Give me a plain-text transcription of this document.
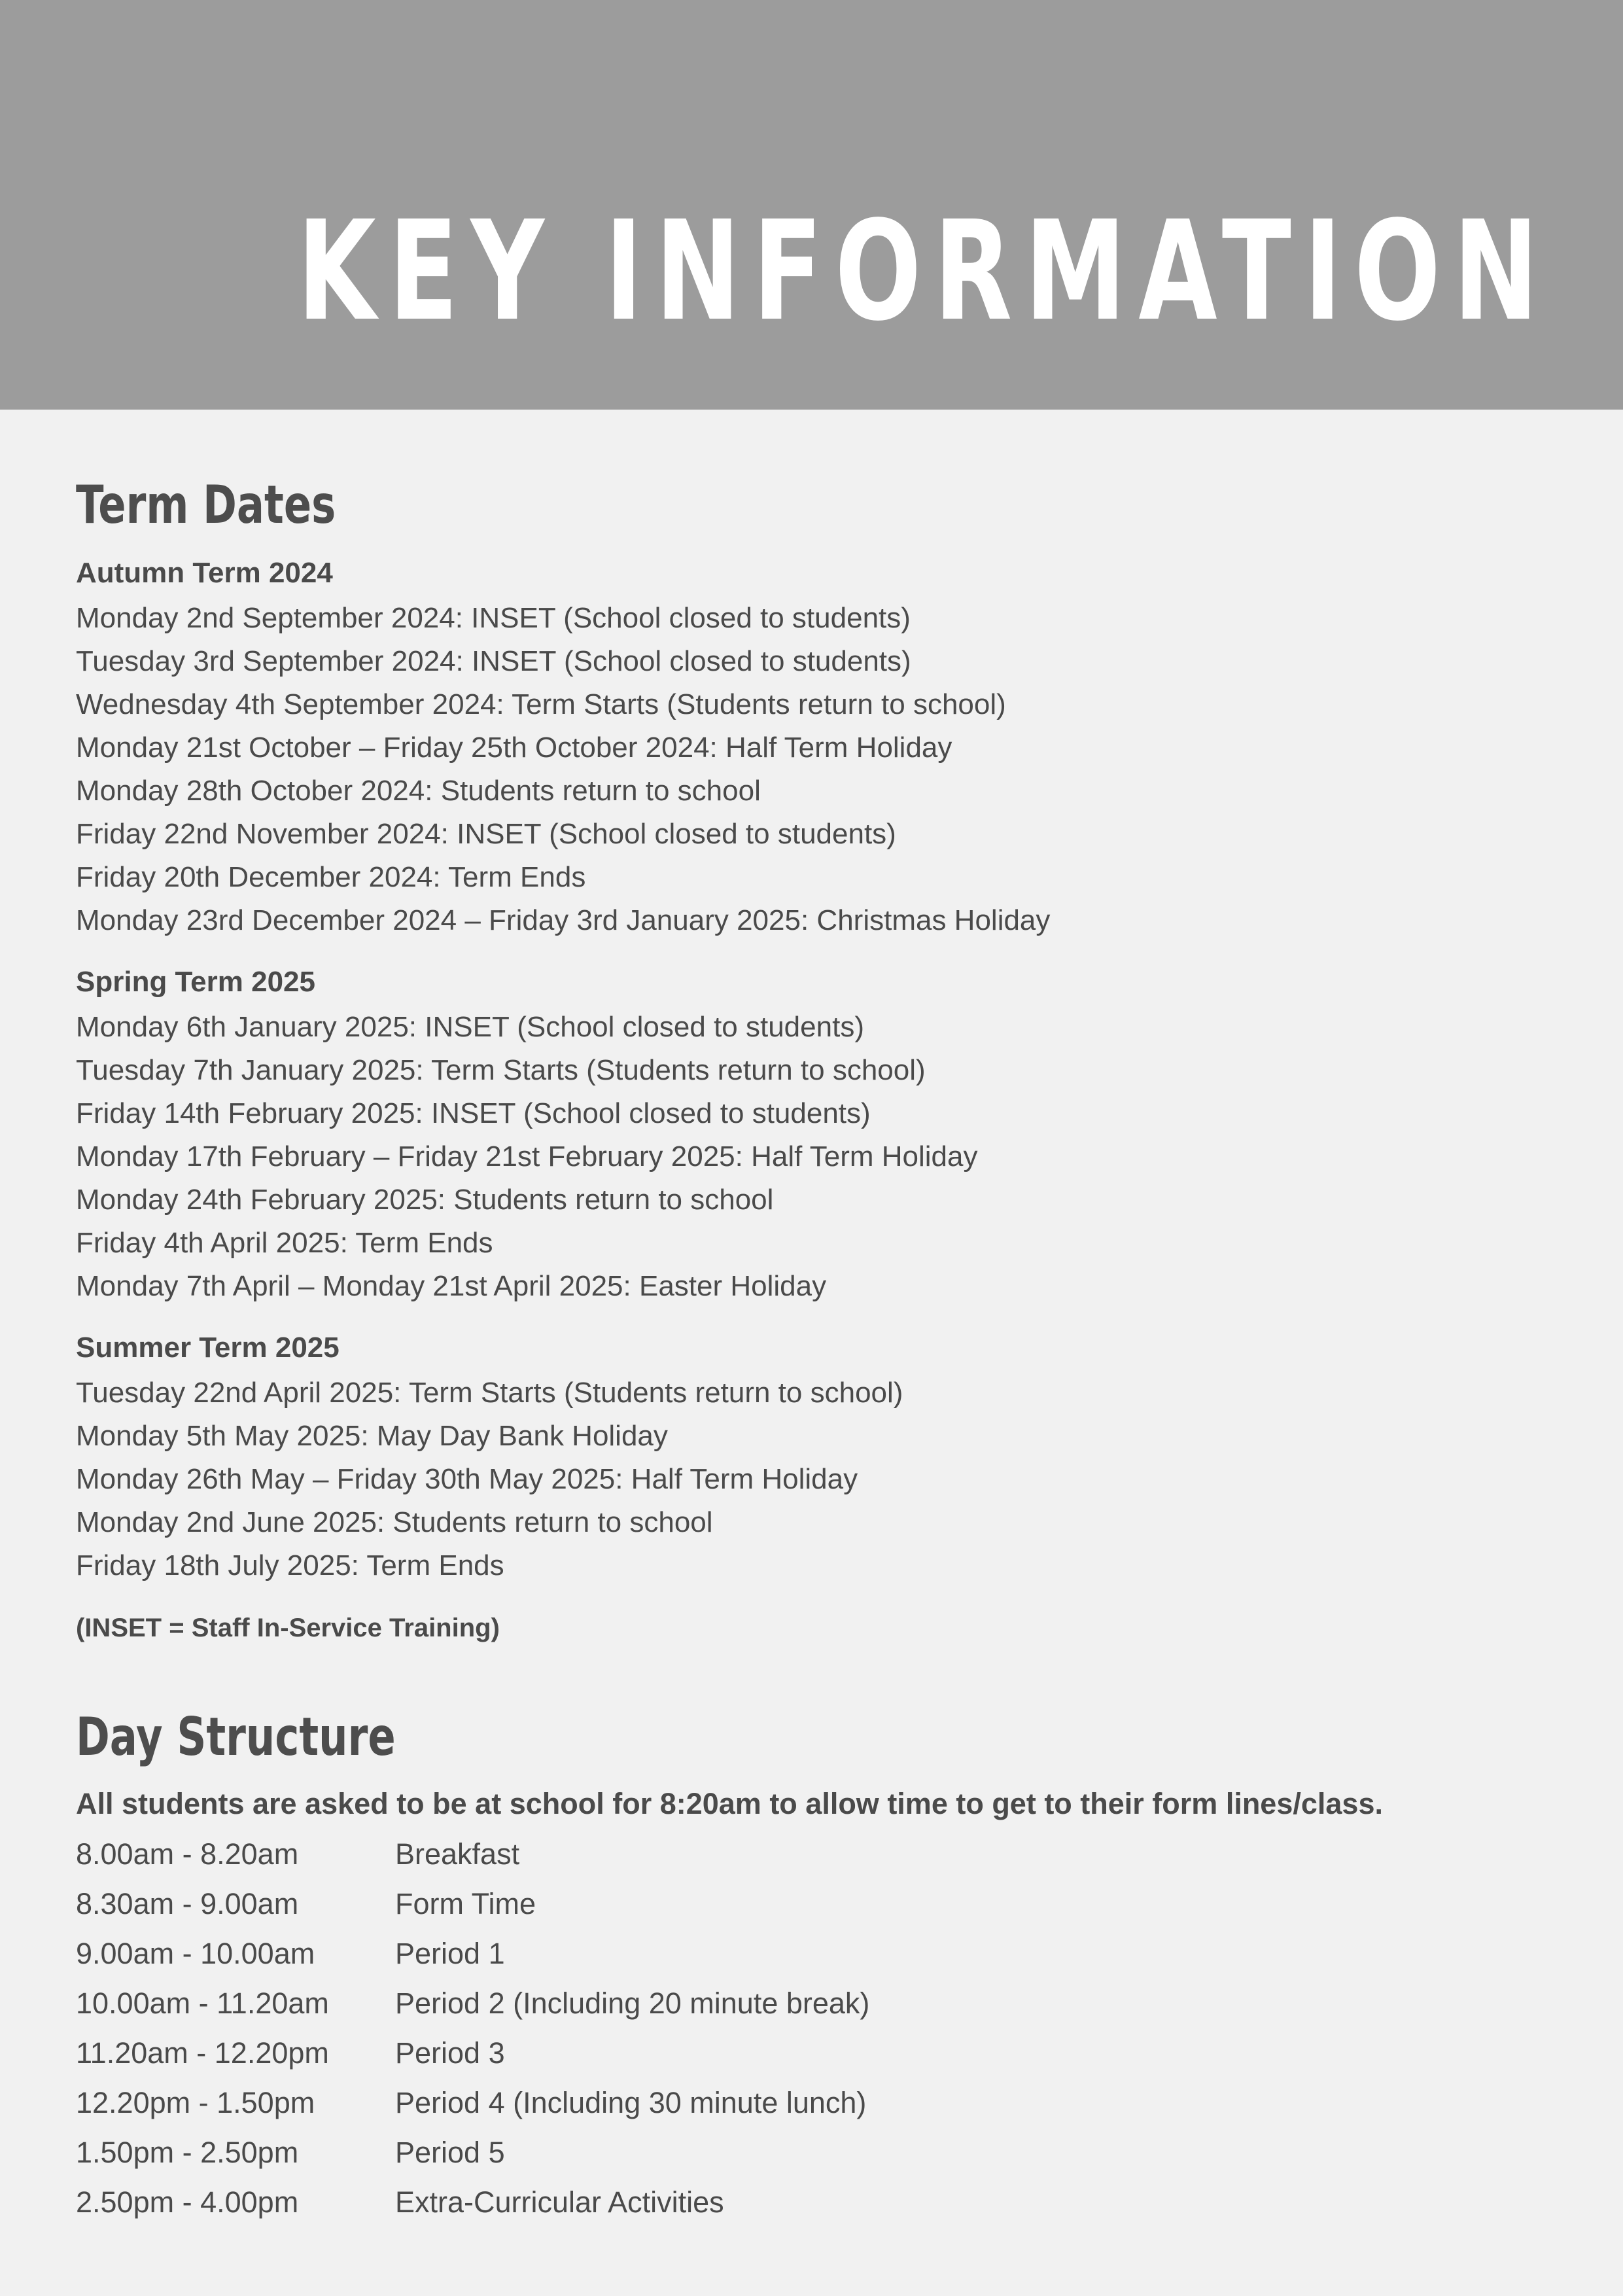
KEY INFORMATION
Term Dates
Autumn Term 2024
Monday 2nd September 2024: INSET (School closed to students)
Tuesday 3rd September 2024: INSET (School closed to students)
Wednesday 4th September 2024: Term Starts (Students return to school)
Monday 21st October – Friday 25th October 2024: Half Term Holiday
Monday 28th October 2024: Students return to school
Friday 22nd November 2024: INSET (School closed to students)
Friday 20th December 2024: Term Ends
Monday 23rd December 2024 – Friday 3rd January 2025: Christmas Holiday
Spring Term 2025
Monday 6th January 2025: INSET (School closed to students)
Tuesday 7th January 2025: Term Starts (Students return to school)
Friday 14th February 2025: INSET (School closed to students)
Monday 17th February – Friday 21st February 2025: Half Term Holiday
Monday 24th February 2025: Students return to school
Friday 4th April 2025: Term Ends
Monday 7th April – Monday 21st April 2025: Easter Holiday
Summer Term 2025
Tuesday 22nd April 2025: Term Starts (Students return to school)
Monday 5th May 2025: May Day Bank Holiday
Monday 26th May – Friday 30th May 2025: Half Term Holiday
Monday 2nd June 2025: Students return to school
Friday 18th July 2025: Term Ends
(INSET = Staff In-Service Training)
Day Structure
All students are asked to be at school for 8:20am to allow time to get to their form lines/class.
8.00am - 8.20am	Breakfast
8.30am - 9.00am	Form Time
9.00am - 10.00am	Period 1
10.00am - 11.20am	Period 2 (Including 20 minute break)
11.20am - 12.20pm	Period 3
12.20pm - 1.50pm	Period 4 (Including 30 minute lunch)
1.50pm - 2.50pm	Period 5
2.50pm - 4.00pm	Extra-Curricular Activities
